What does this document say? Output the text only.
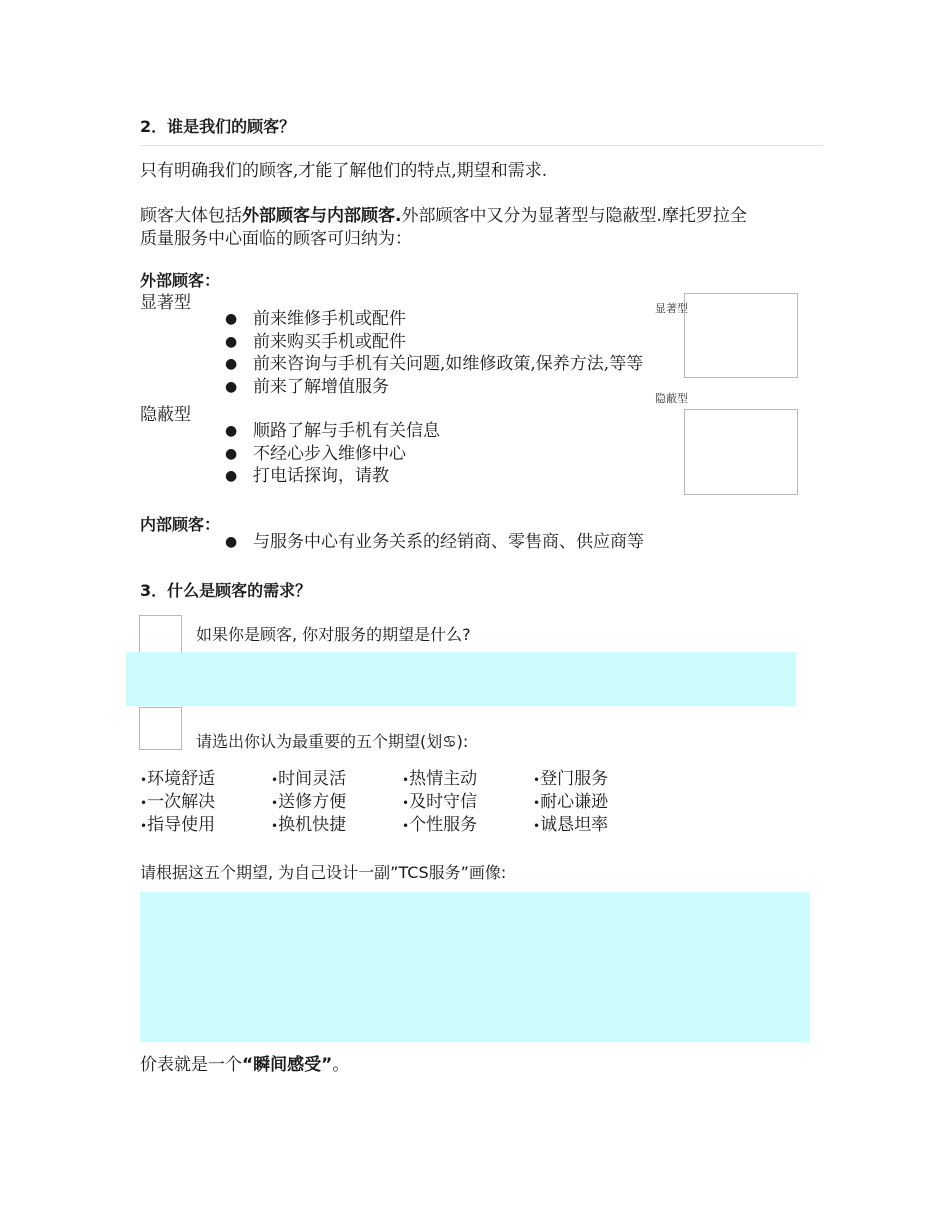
2．谁是我们的顾客？
只有明确我们的顾客,才能了解他们的特点,期望和需求.
顾客大体包括外部顾客与内部顾客.外部顾客中又分为显著型与隐蔽型.摩托罗拉全
质量服务中心面临的顾客可归纳为：
外部顾客：
显著型
● 前来维修手机或配件
● 前来购买手机或配件
● 前来咨询与手机有关问题,如维修政策,保养方法,等等
● 前来了解增值服务
隐蔽型
● 顺路了解与手机有关信息
● 不经心步入维修中心
● 打电话探询，请教
显著型
隐蔽型
内部顾客：
● 与服务中心有业务关系的经销商、零售商、供应商等
3．什么是顾客的需求？
如果你是顾客, 你对服务的期望是什么?
请选出你认为最重要的五个期望(划♋):
•环境舒适	•时间灵活	•热情主动	•登门服务
•一次解决	•送修方便	•及时守信	•耐心谦逊
•指导使用	•换机快捷	•个性服务	•诚恳坦率
请根据这五个期望, 为自己设计一副”TCS服务”画像:
价表就是一个“瞬间感受”。
